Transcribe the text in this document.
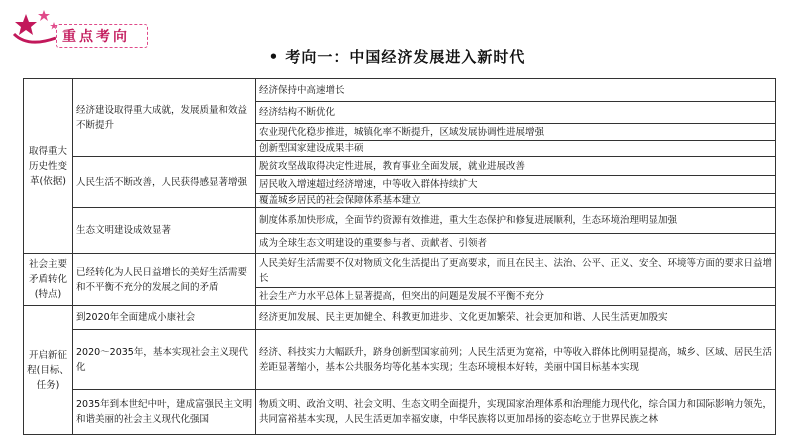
重点考向
• 考向一：中国经济发展进入新时代
取得重大历史性变革(依据)
社会主要矛盾转化(特点)
开启新征程(目标、任务)
经济建设取得重大成就，发展质量和效益不断提升
人民生活不断改善，人民获得感显著增强
生态文明建设成效显著
已经转化为人民日益增长的美好生活需要和不平衡不充分的发展之间的矛盾
到2020年全面建成小康社会
2020～2035年，基本实现社会主义现代化
2035年到本世纪中叶，建成富强民主文明和谐美丽的社会主义现代化强国
经济保持中高速增长
经济结构不断优化
农业现代化稳步推进，城镇化率不断提升，区域发展协调性进展增强
创新型国家建设成果丰硕
脱贫攻坚战取得决定性进展，教育事业全面发展，就业进展改善
居民收入增速超过经济增速，中等收入群体持续扩大
覆盖城乡居民的社会保障体系基本建立
制度体系加快形成，全面节约资源有效推进，重大生态保护和修复进展顺利，生态环境治理明显加强
成为全球生态文明建设的重要参与者、贡献者、引领者
人民美好生活需要不仅对物质文化生活提出了更高要求，而且在民主、法治、公平、正义、安全、环境等方面的要求日益增长
社会生产力水平总体上显著提高，但突出的问题是发展不平衡不充分
经济更加发展、民主更加健全、科教更加进步、文化更加繁荣、社会更加和谐、人民生活更加殷实
经济、科技实力大幅跃升，跻身创新型国家前列；人民生活更为宽裕，中等收入群体比例明显提高，城乡、区域、居民生活差距显著缩小，基本公共服务均等化基本实现；生态环境根本好转，美丽中国目标基本实现
物质文明、政治文明、社会文明、生态文明全面提升，实现国家治理体系和治理能力现代化，综合国力和国际影响力领先，共同富裕基本实现，人民生活更加幸福安康，中华民族将以更加昂扬的姿态屹立于世界民族之林
